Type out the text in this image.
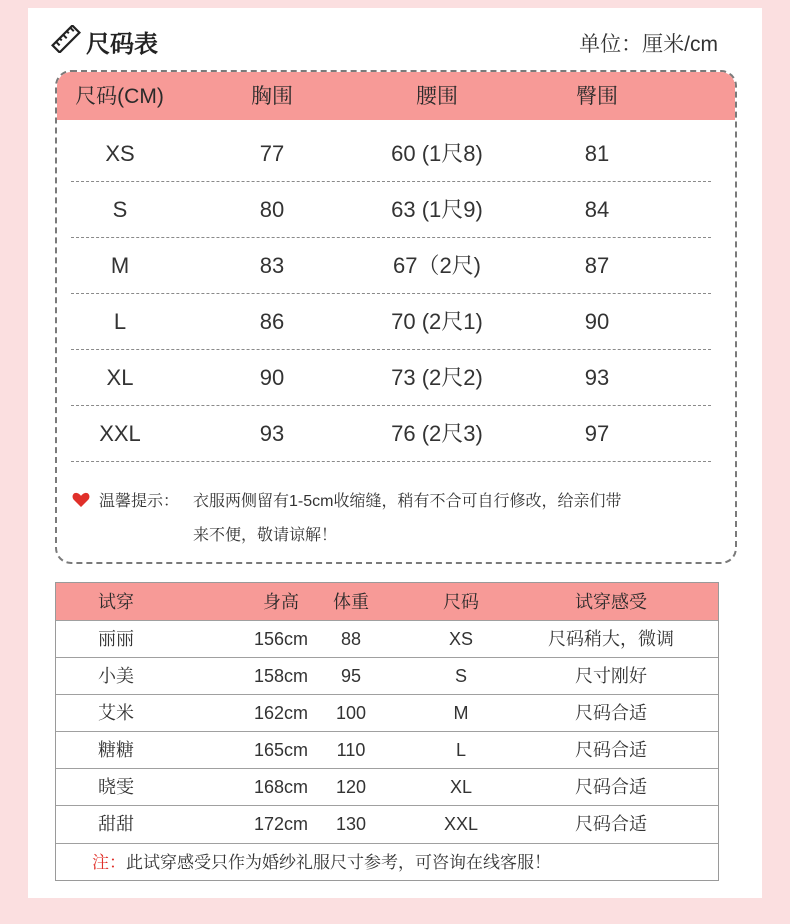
尺码表	单位：厘米/cm
尺码(CM)	胸围	腰围	臀围
XS	77	60 (1尺8)	81
S	80	63 (1尺9)	84
M	83	67（2尺)	87
L	86	70 (2尺1)	90
XL	90	73 (2尺2)	93
XXL	93	76 (2尺3)	97
温馨提示： 衣服两侧留有1-5cm收缩缝，稍有不合可自行修改，给亲们带
来不便，敬请谅解！
试穿	身高	体重	尺码	试穿感受
丽丽	156cm	88	XS	尺码稍大，微调
小美	158cm	95	S	尺寸刚好
艾米	162cm	100	M	尺码合适
糖糖	165cm	110	L	尺码合适
晓雯	168cm	120	XL	尺码合适
甜甜	172cm	130	XXL	尺码合适
注：此试穿感受只作为婚纱礼服尺寸参考，可咨询在线客服！
